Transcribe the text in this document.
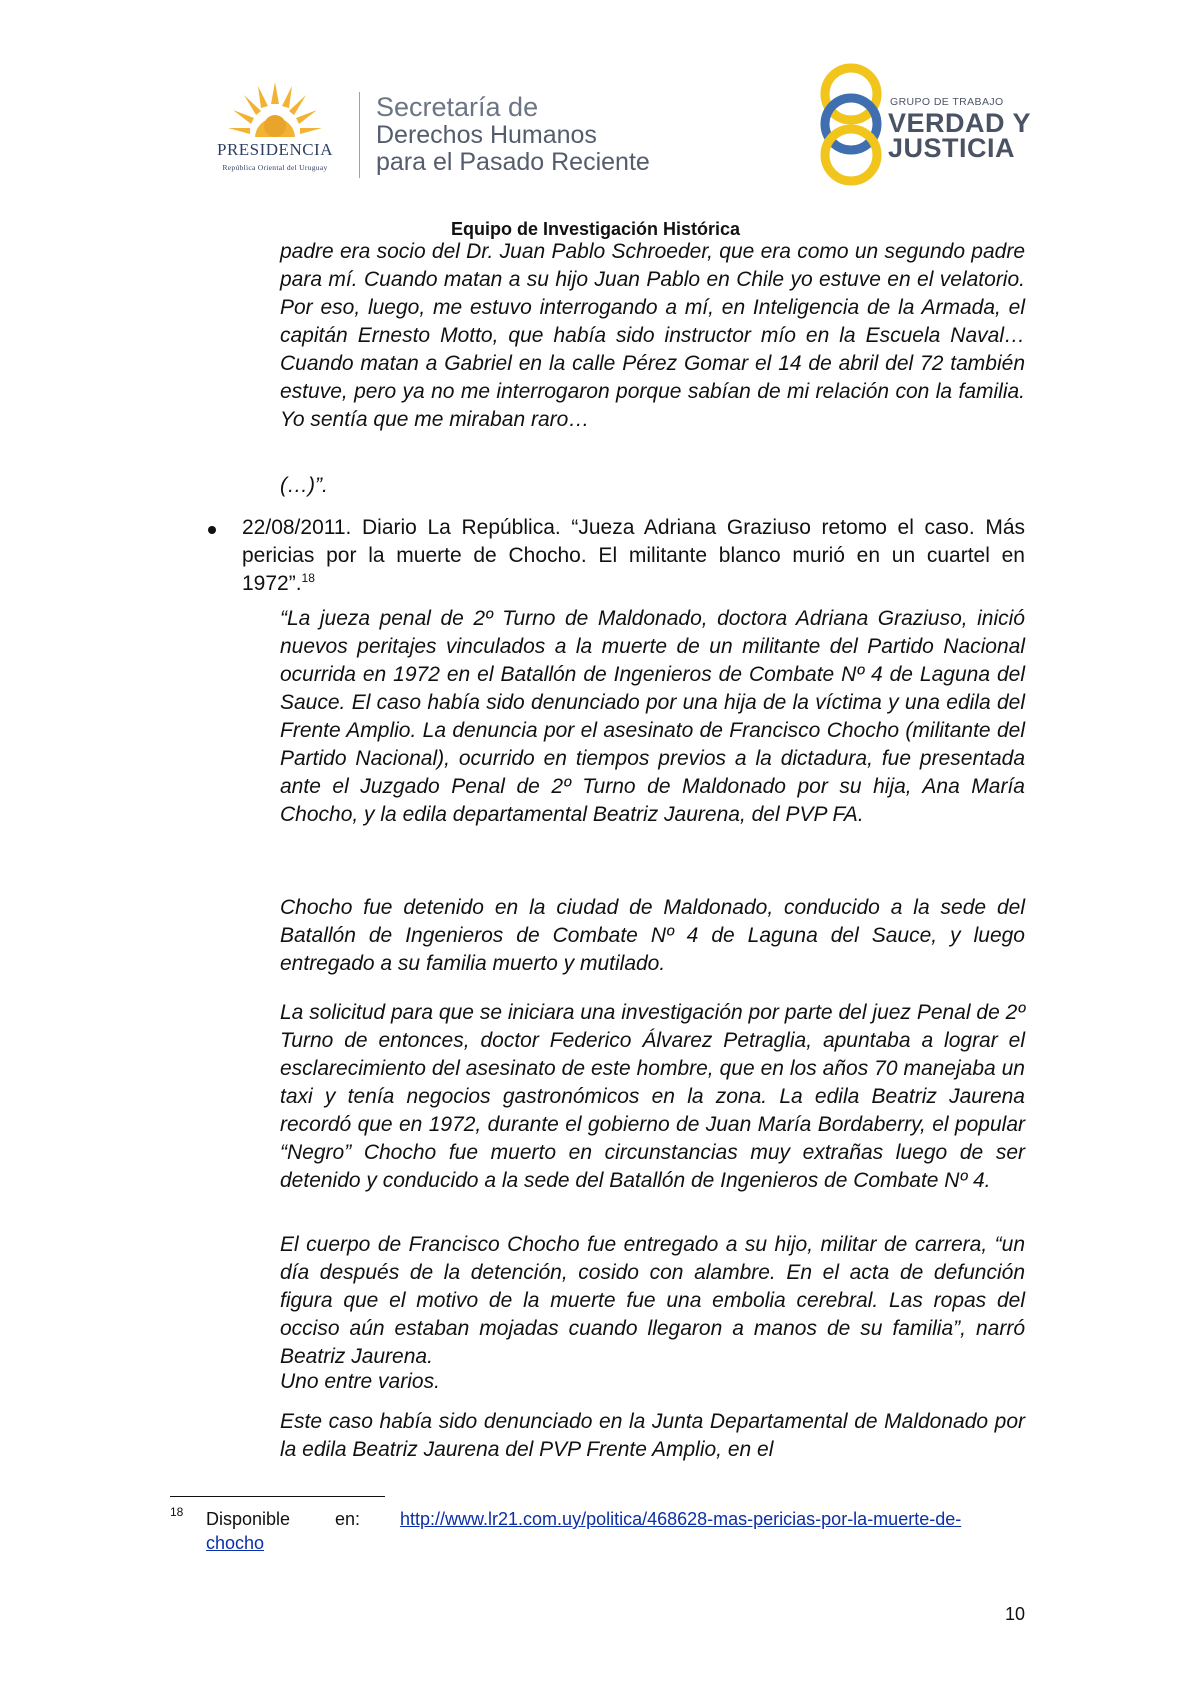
PRESIDENCIA
República Oriental del Uruguay
Secretaría de
Derechos Humanos
para el Pasado Reciente
GRUPO DE TRABAJO
VERDAD Y
JUSTICIA
Equipo de Investigación Histórica

padre era socio del Dr. Juan Pablo Schroeder, que era como un segundo padre para mí. Cuando matan a su hijo Juan Pablo en Chile yo estuve en el velatorio. Por eso, luego, me estuvo interrogando a mí, en Inteligencia de la Armada, el capitán Ernesto Motto, que había sido instructor mío en la Escuela Naval… Cuando matan a Gabriel en la calle Pérez Gomar el 14 de abril del 72 también estuve, pero ya no me interrogaron porque sabían de mi relación con la familia. Yo sentía que me miraban raro…

(…)”.

22/08/2011. Diario La República. “Jueza Adriana Graziuso retomo el caso. Más pericias por la muerte de Chocho. El militante blanco murió en un cuartel en 1972”.$^{18}$

“La jueza penal de 2º Turno de Maldonado, doctora Adriana Graziuso, inició nuevos peritajes vinculados a la muerte de un militante del Partido Nacional ocurrida en 1972 en el Batallón de Ingenieros de Combate Nº 4 de Laguna del Sauce. El caso había sido denunciado por una hija de la víctima y una edila del Frente Amplio. La denuncia por el asesinato de Francisco Chocho (militante del Partido Nacional), ocurrido en tiempos previos a la dictadura, fue presentada ante el Juzgado Penal de 2º Turno de Maldonado por su hija, Ana María Chocho, y la edila departamental Beatriz Jaurena, del PVP FA.

Chocho fue detenido en la ciudad de Maldonado, conducido a la sede del Batallón de Ingenieros de Combate Nº 4 de Laguna del Sauce, y luego entregado a su familia muerto y mutilado.

La solicitud para que se iniciara una investigación por parte del juez Penal de 2º Turno de entonces, doctor Federico Álvarez Petraglia, apuntaba a lograr el esclarecimiento del asesinato de este hombre, que en los años 70 manejaba un taxi y tenía negocios gastronómicos en la zona. La edila Beatriz Jaurena recordó que en 1972, durante el gobierno de Juan María Bordaberry, el popular “Negro” Chocho fue muerto en circunstancias muy extrañas luego de ser detenido y conducido a la sede del Batallón de Ingenieros de Combate Nº 4.

El cuerpo de Francisco Chocho fue entregado a su hijo, militar de carrera, “un día después de la detención, cosido con alambre. En el acta de defunción figura que el motivo de la muerte fue una embolia cerebral. Las ropas del occiso aún estaban mojadas cuando llegaron a manos de su familia”, narró Beatriz Jaurena.

Uno entre varios.

Este caso había sido denunciado en la Junta Departamental de Maldonado por la edila Beatriz Jaurena del PVP Frente Amplio, en el

18 Disponible en: http://www.lr21.com.uy/politica/468628-mas-pericias-por-la-muerte-de-
chocho
10
